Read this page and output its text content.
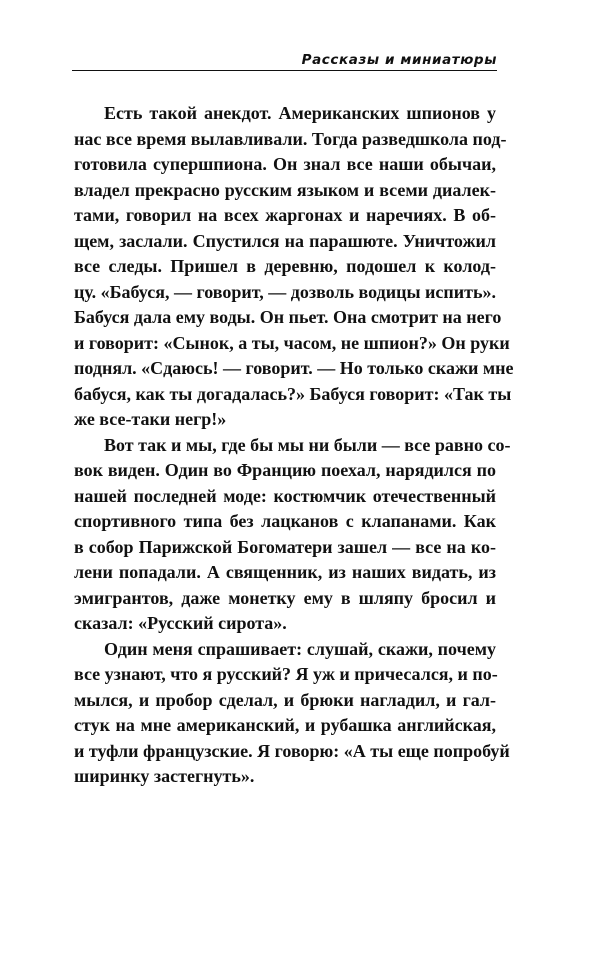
Рассказы и миниатюры
Есть такой анекдот. Американских шпионов у
нас все время вылавливали. Тогда разведшкола под-
готовила супершпиона. Он знал все наши обычаи,
владел прекрасно русским языком и всеми диалек-
тами, говорил на всех жаргонах и наречиях. В об-
щем, заслали. Спустился на парашюте. Уничтожил
все следы. Пришел в деревню, подошел к колод-
цу. «Бабуся, — говорит, — дозволь водицы испить».
Бабуся дала ему воды. Он пьет. Она смотрит на него
и говорит: «Сынок, а ты, часом, не шпион?» Он руки
поднял. «Сдаюсь! — говорит. — Но только скажи мне
бабуся, как ты догадалась?» Бабуся говорит: «Так ты
же все-таки негр!»
Вот так и мы, где бы мы ни были — все равно со-
вок виден. Один во Францию поехал, нарядился по
нашей последней моде: костюмчик отечественный
спортивного типа без лацканов с клапанами. Как
в собор Парижской Богоматери зашел — все на ко-
лени попадали. А священник, из наших видать, из
эмигрантов, даже монетку ему в шляпу бросил и
сказал: «Русский сирота».
Один меня спрашивает: слушай, скажи, почему
все узнают, что я русский? Я уж и причесался, и по-
мылся, и пробор сделал, и брюки нагладил, и гал-
стук на мне американский, и рубашка английская,
и туфли французские. Я говорю: «А ты еще попробуй
ширинку застегнуть».
